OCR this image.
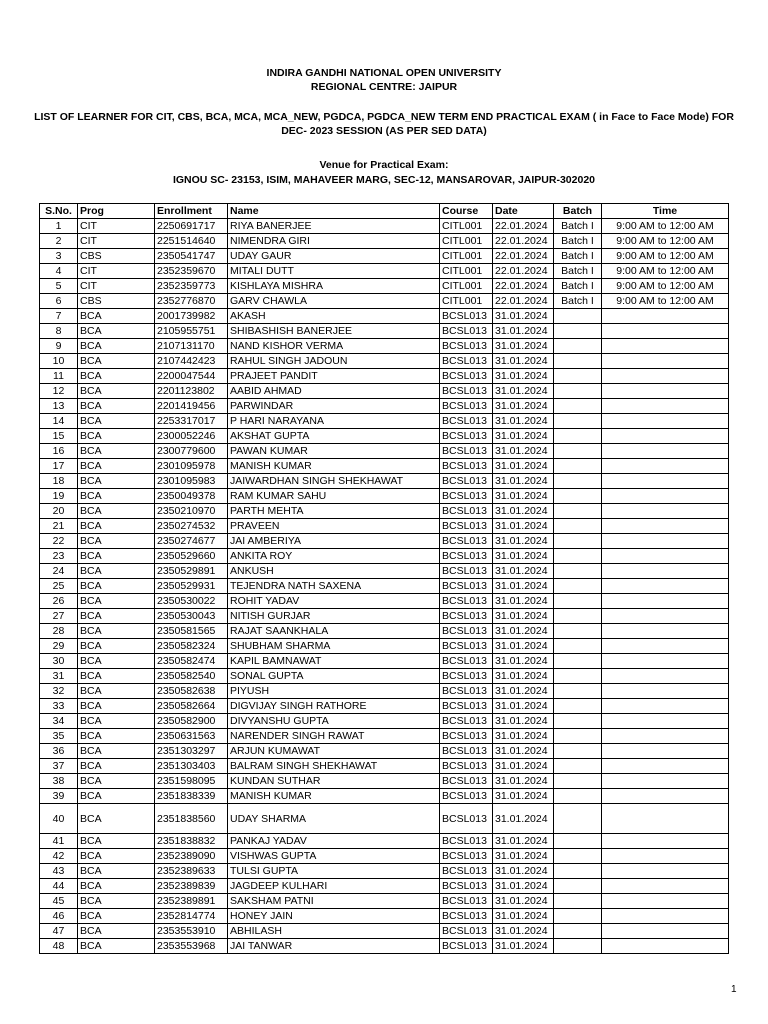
INDIRA GANDHI NATIONAL OPEN UNIVERSITY
REGIONAL CENTRE: JAIPUR
LIST OF LEARNER FOR CIT, CBS, BCA, MCA, MCA_NEW, PGDCA, PGDCA_NEW TERM END PRACTICAL EXAM ( in Face to Face Mode) FOR DEC- 2023 SESSION (AS PER SED DATA)
Venue for Practical Exam:
IGNOU SC- 23153, ISIM, MAHAVEER MARG, SEC-12, MANSAROVAR, JAIPUR-302020
S.No.	Prog	Enrollment	Name	Course	Date	Batch	Time
1	CIT	2250691717	RIYA BANERJEE	CITL001	22.01.2024	Batch I	9:00 AM to 12:00 AM
2	CIT	2251514640	NIMENDRA GIRI	CITL001	22.01.2024	Batch I	9:00 AM to 12:00 AM
3	CBS	2350541747	UDAY GAUR	CITL001	22.01.2024	Batch I	9:00 AM to 12:00 AM
4	CIT	2352359670	MITALI DUTT	CITL001	22.01.2024	Batch I	9:00 AM to 12:00 AM
5	CIT	2352359773	KISHLAYA MISHRA	CITL001	22.01.2024	Batch I	9:00 AM to 12:00 AM
6	CBS	2352776870	GARV CHAWLA	CITL001	22.01.2024	Batch I	9:00 AM to 12:00 AM
7	BCA	2001739982	AKASH	BCSL013	31.01.2024		
8	BCA	2105955751	SHIBASHISH BANERJEE	BCSL013	31.01.2024		
9	BCA	2107131170	NAND KISHOR VERMA	BCSL013	31.01.2024		
10	BCA	2107442423	RAHUL SINGH JADOUN	BCSL013	31.01.2024		
11	BCA	2200047544	PRAJEET PANDIT	BCSL013	31.01.2024		
12	BCA	2201123802	AABID AHMAD	BCSL013	31.01.2024		
13	BCA	2201419456	PARWINDAR	BCSL013	31.01.2024		
14	BCA	2253317017	P HARI NARAYANA	BCSL013	31.01.2024		
15	BCA	2300052246	AKSHAT GUPTA	BCSL013	31.01.2024		
16	BCA	2300779600	PAWAN KUMAR	BCSL013	31.01.2024		
17	BCA	2301095978	MANISH KUMAR	BCSL013	31.01.2024		
18	BCA	2301095983	JAIWARDHAN SINGH SHEKHAWAT	BCSL013	31.01.2024		
19	BCA	2350049378	RAM KUMAR SAHU	BCSL013	31.01.2024		
20	BCA	2350210970	PARTH MEHTA	BCSL013	31.01.2024		
21	BCA	2350274532	PRAVEEN	BCSL013	31.01.2024		
22	BCA	2350274677	JAI AMBERIYA	BCSL013	31.01.2024		
23	BCA	2350529660	ANKITA ROY	BCSL013	31.01.2024		
24	BCA	2350529891	ANKUSH	BCSL013	31.01.2024		
25	BCA	2350529931	TEJENDRA NATH SAXENA	BCSL013	31.01.2024		
26	BCA	2350530022	ROHIT YADAV	BCSL013	31.01.2024		
27	BCA	2350530043	NITISH GURJAR	BCSL013	31.01.2024		
28	BCA	2350581565	RAJAT SAANKHALA	BCSL013	31.01.2024		
29	BCA	2350582324	SHUBHAM SHARMA	BCSL013	31.01.2024		
30	BCA	2350582474	KAPIL BAMNAWAT	BCSL013	31.01.2024		
31	BCA	2350582540	SONAL GUPTA	BCSL013	31.01.2024		
32	BCA	2350582638	PIYUSH	BCSL013	31.01.2024		
33	BCA	2350582664	DIGVIJAY SINGH RATHORE	BCSL013	31.01.2024		
34	BCA	2350582900	DIVYANSHU GUPTA	BCSL013	31.01.2024		
35	BCA	2350631563	NARENDER SINGH RAWAT	BCSL013	31.01.2024		
36	BCA	2351303297	ARJUN KUMAWAT	BCSL013	31.01.2024		
37	BCA	2351303403	BALRAM SINGH SHEKHAWAT	BCSL013	31.01.2024		
38	BCA	2351598095	KUNDAN SUTHAR	BCSL013	31.01.2024		
39	BCA	2351838339	MANISH KUMAR	BCSL013	31.01.2024		
40	BCA	2351838560	UDAY SHARMA	BCSL013	31.01.2024		
41	BCA	2351838832	PANKAJ YADAV	BCSL013	31.01.2024		
42	BCA	2352389090	VISHWAS GUPTA	BCSL013	31.01.2024		
43	BCA	2352389633	TULSI GUPTA	BCSL013	31.01.2024		
44	BCA	2352389839	JAGDEEP KULHARI	BCSL013	31.01.2024		
45	BCA	2352389891	SAKSHAM PATNI	BCSL013	31.01.2024		
46	BCA	2352814774	HONEY JAIN	BCSL013	31.01.2024		
47	BCA	2353553910	ABHILASH	BCSL013	31.01.2024		
48	BCA	2353553968	JAI TANWAR	BCSL013	31.01.2024		
1
